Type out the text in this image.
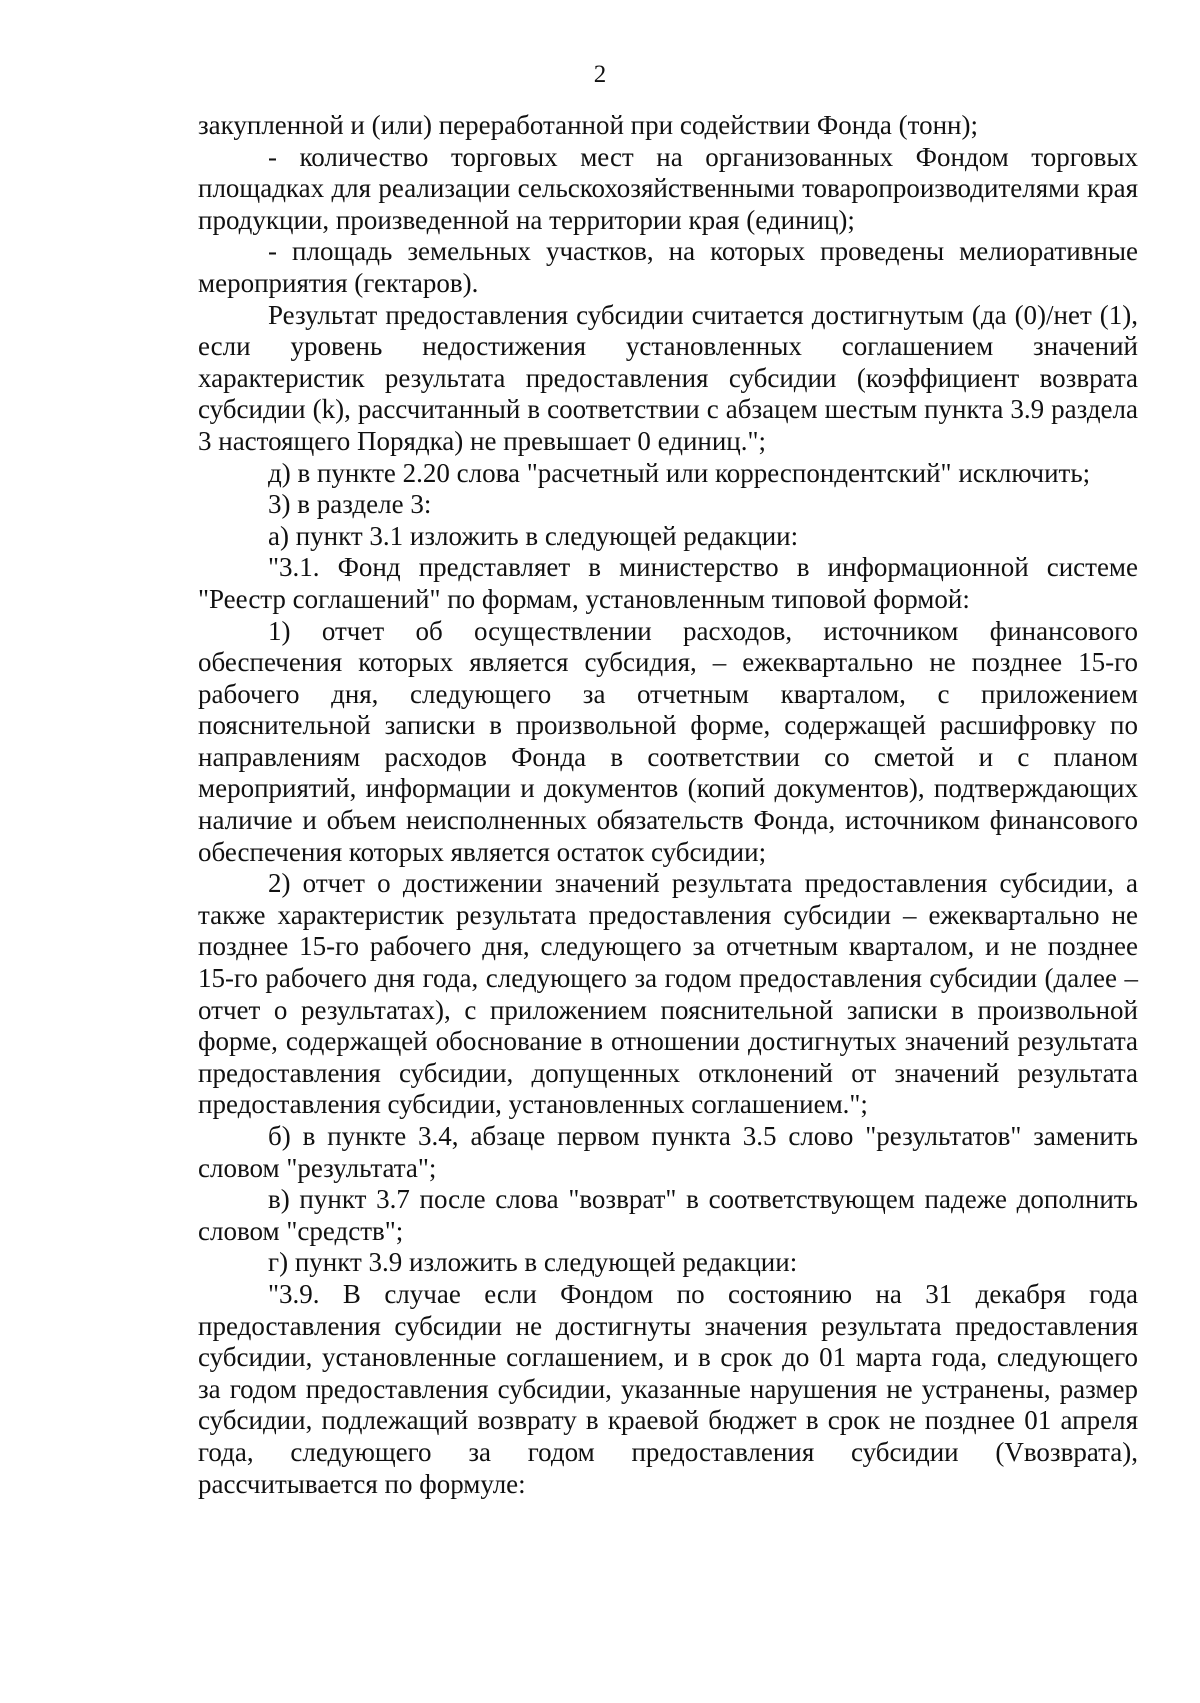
2

закупленной и (или) переработанной при содействии Фонда (тонн);

- количество торговых мест на организованных Фондом торговых площадках для реализации сельскохозяйственными товаропроизводителями края продукции, произведенной на территории края (единиц);

- площадь земельных участков, на которых проведены мелиоративные мероприятия (гектаров).

Результат предоставления субсидии считается достигнутым (да (0)/нет (1), если уровень недостижения установленных соглашением значений характеристик результата предоставления субсидии (коэффициент возврата субсидии (k), рассчитанный в соответствии с абзацем шестым пункта 3.9 раздела 3 настоящего Порядка) не превышает 0 единиц.";

д) в пункте 2.20 слова "расчетный или корреспондентский" исключить;

3) в разделе 3:

а) пункт 3.1 изложить в следующей редакции:

"3.1. Фонд представляет в министерство в информационной системе "Реестр соглашений" по формам, установленным типовой формой:

1) отчет об осуществлении расходов, источником финансового обеспечения которых является субсидия, – ежеквартально не позднее 15-го рабочего дня, следующего за отчетным кварталом, с приложением пояснительной записки в произвольной форме, содержащей расшифровку по направлениям расходов Фонда в соответствии со сметой и с планом мероприятий, информации и документов (копий документов), подтверждающих наличие и объем неисполненных обязательств Фонда, источником финансового обеспечения которых является остаток субсидии;

2) отчет о достижении значений результата предоставления субсидии, а также характеристик результата предоставления субсидии – ежеквартально не позднее 15-го рабочего дня, следующего за отчетным кварталом, и не позднее 15-го рабочего дня года, следующего за годом предоставления субсидии (далее – отчет о результатах), с приложением пояснительной записки в произвольной форме, содержащей обоснование в отношении достигнутых значений результата предоставления субсидии, допущенных отклонений от значений результата предоставления субсидии, установленных соглашением.";

б) в пункте 3.4, абзаце первом пункта 3.5 слово "результатов" заменить словом "результата";

в) пункт 3.7 после слова "возврат" в соответствующем падеже дополнить словом "средств";

г) пункт 3.9 изложить в следующей редакции:

"3.9. В случае если Фондом по состоянию на 31 декабря года предоставления субсидии не достигнуты значения результата предоставления субсидии, установленные соглашением, и в срок до 01 марта года, следующего за годом предоставления субсидии, указанные нарушения не устранены, размер субсидии, подлежащий возврату в краевой бюджет в срок не позднее 01 апреля года, следующего за годом предоставления субсидии (Vвозврата), рассчитывается по формуле:
